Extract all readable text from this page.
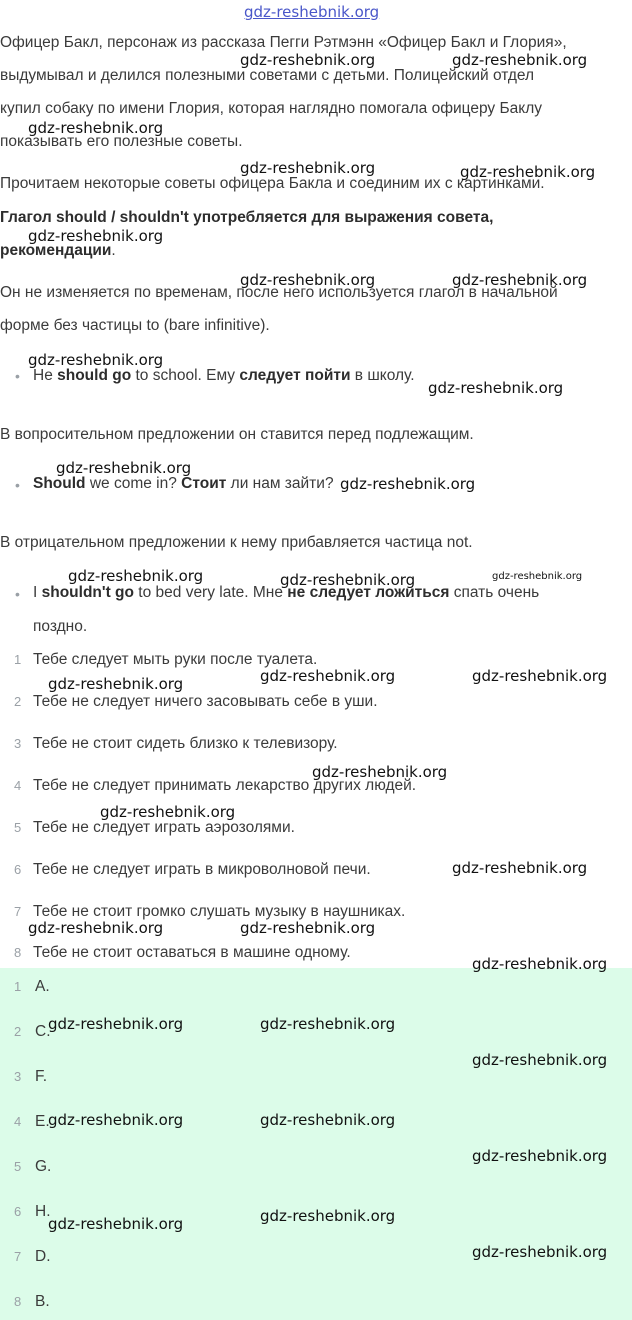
Офицер Бакл, персонаж из рассказа Пегги Рэтмэнн «Офицер Бакл и Глория»,
выдумывал и делился полезными советами с детьми. Полицейский отдел
купил собаку по имени Глория, которая наглядно помогала офицеру Баклу
показывать его полезные советы.
Прочитаем некоторые советы офицера Бакла и соединим их с картинками.
Глагол should / shouldn't употребляется для выражения совета,
рекомендации.
Он не изменяется по временам, после него используется глагол в начальной
форме без частицы to (bare infinitive).
• He should go to school. Ему следует пойти в школу.
В вопросительном предложении он ставится перед подлежащим.
• Should we come in? Стоит ли нам зайти?
В отрицательном предложении к нему прибавляется частица not.
• I shouldn't go to bed very late. Мне не следует ложиться спать очень
поздно.
1 Тебе следует мыть руки после туалета.
2 Тебе не следует ничего засовывать себе в уши.
3 Тебе не стоит сидеть близко к телевизору.
4 Тебе не следует принимать лекарство других людей.
5 Тебе не следует играть аэрозолями.
6 Тебе не следует играть в микроволновой печи.
7 Тебе не стоит громко слушать музыку в наушниках.
8 Тебе не стоит оставаться в машине одному.
1 A.
2 C.
3 F.
4 E.
5 G.
6 H.
7 D.
8 B.
gdz-reshebnik.org
gdz-reshebnik.org	gdz-reshebnik.org
gdz-reshebnik.org
gdz-reshebnik.org	gdz-reshebnik.org
gdz-reshebnik.org
gdz-reshebnik.org	gdz-reshebnik.org
gdz-reshebnik.org
gdz-reshebnik.org
gdz-reshebnik.org
gdz-reshebnik.org
gdz-reshebnik.org	gdz-reshebnik.org	gdz-reshebnik.org
gdz-reshebnik.org	gdz-reshebnik.org	gdz-reshebnik.org
gdz-reshebnik.org
gdz-reshebnik.org
gdz-reshebnik.org
gdz-reshebnik.org	gdz-reshebnik.org
gdz-reshebnik.org
gdz-reshebnik.org	gdz-reshebnik.org
gdz-reshebnik.org
gdz-reshebnik.org	gdz-reshebnik.org
gdz-reshebnik.org
gdz-reshebnik.org	gdz-reshebnik.org
gdz-reshebnik.org
